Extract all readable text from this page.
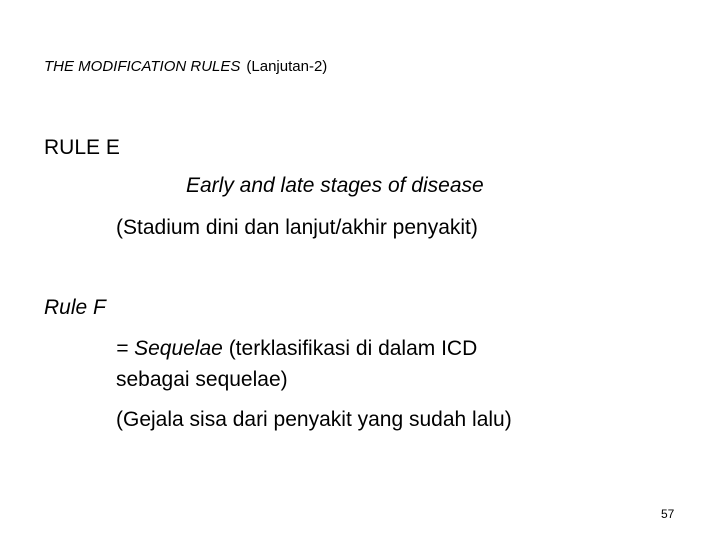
THE MODIFICATION RULES (Lanjutan-2)
RULE E
Early and late stages of disease
(Stadium dini dan lanjut/akhir penyakit)
Rule F
= Sequelae (terklasifikasi di dalam ICD
sebagai sequelae)
(Gejala sisa dari penyakit yang sudah lalu)
57
